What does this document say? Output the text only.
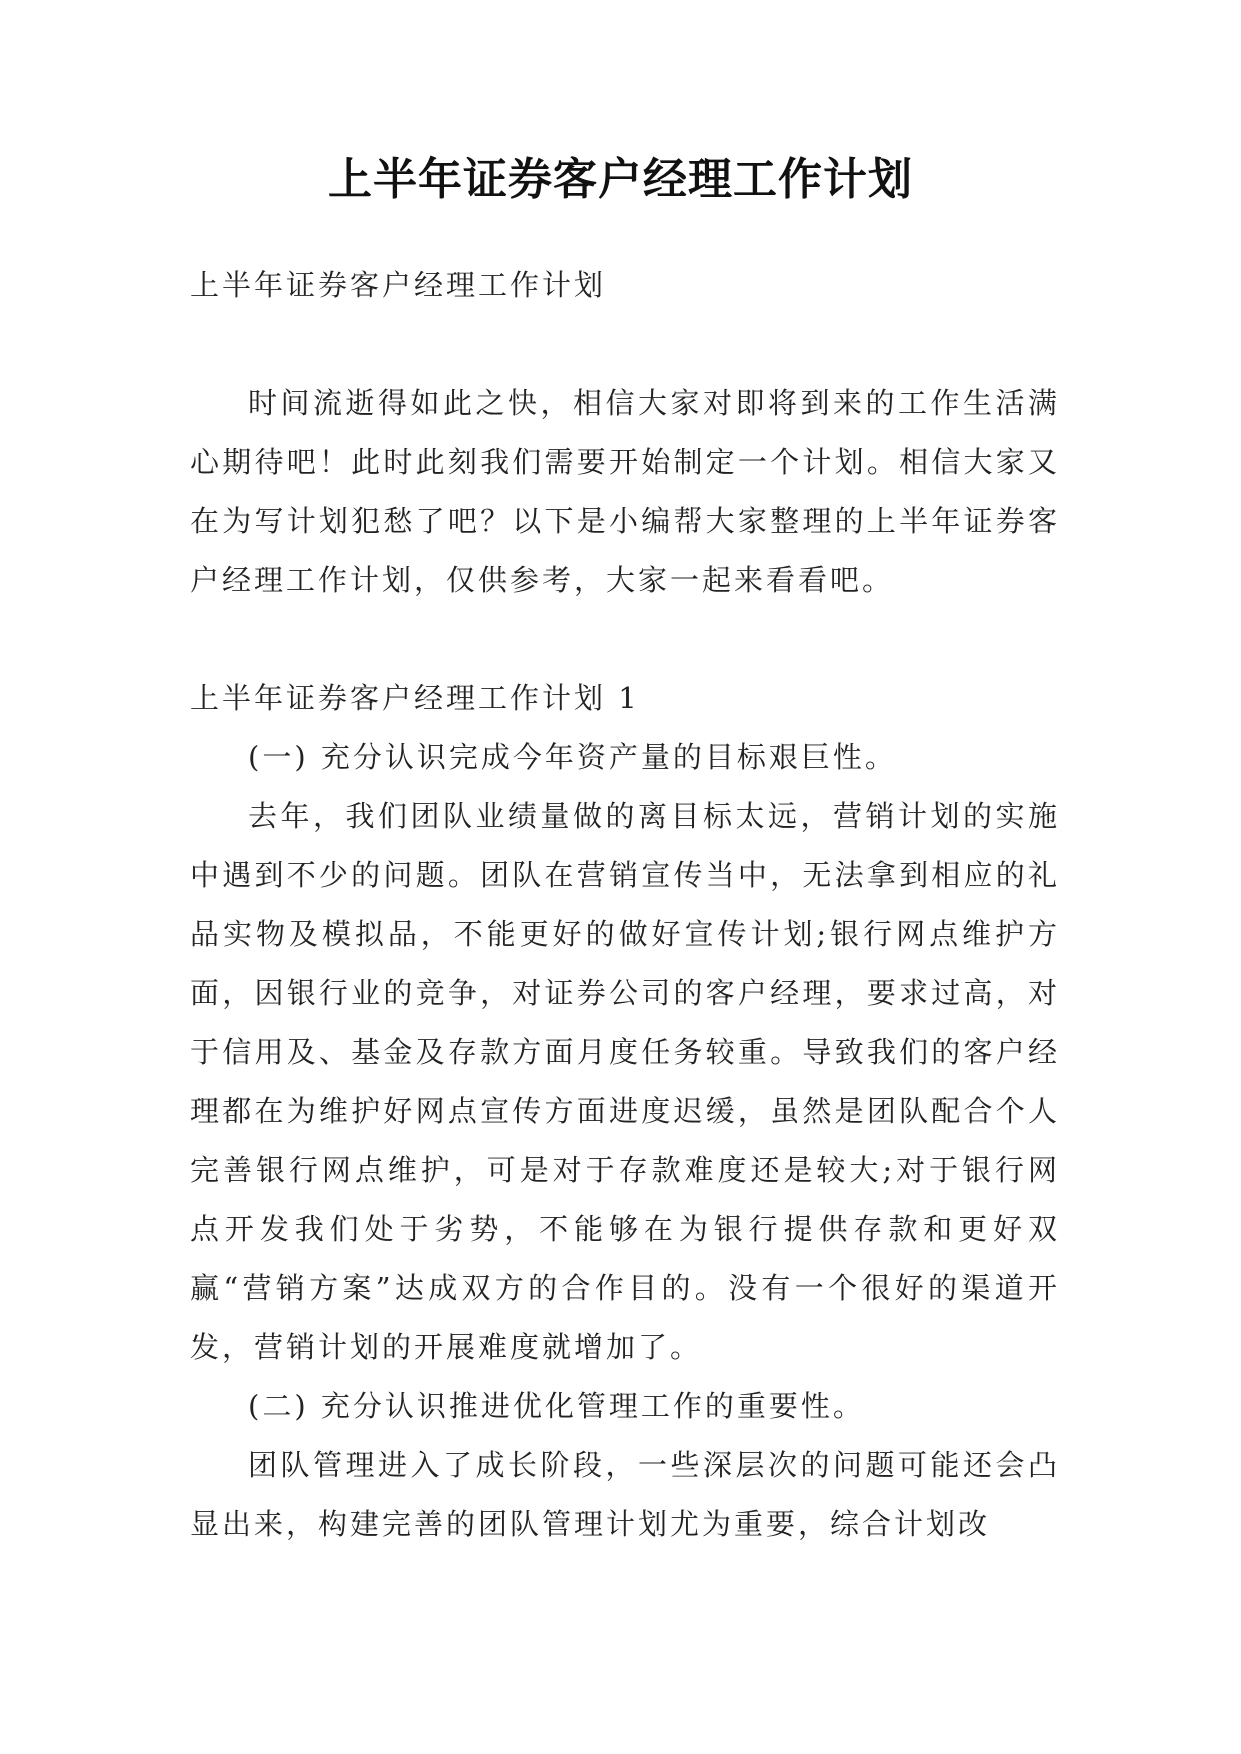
上半年证券客户经理工作计划

上半年证券客户经理工作计划

时间流逝得如此之快，相信大家对即将到来的工作生活满心期待吧！此时此刻我们需要开始制定一个计划。相信大家又在为写计划犯愁了吧？以下是小编帮大家整理的上半年证券客户经理工作计划，仅供参考，大家一起来看看吧。

上半年证券客户经理工作计划 1

(一) 充分认识完成今年资产量的目标艰巨性。

去年，我们团队业绩量做的离目标太远，营销计划的实施中遇到不少的问题。团队在营销宣传当中，无法拿到相应的礼品实物及模拟品，不能更好的做好宣传计划;银行网点维护方面，因银行业的竞争，对证券公司的客户经理，要求过高，对于信用及、基金及存款方面月度任务较重。导致我们的客户经理都在为维护好网点宣传方面进度迟缓，虽然是团队配合个人完善银行网点维护，可是对于存款难度还是较大;对于银行网点开发我们处于劣势，不能够在为银行提供存款和更好双赢“营销方案”达成双方的合作目的。没有一个很好的渠道开发，营销计划的开展难度就增加了。

(二) 充分认识推进优化管理工作的重要性。

团队管理进入了成长阶段，一些深层次的问题可能还会凸显出来，构建完善的团队管理计划尤为重要，综合计划改
